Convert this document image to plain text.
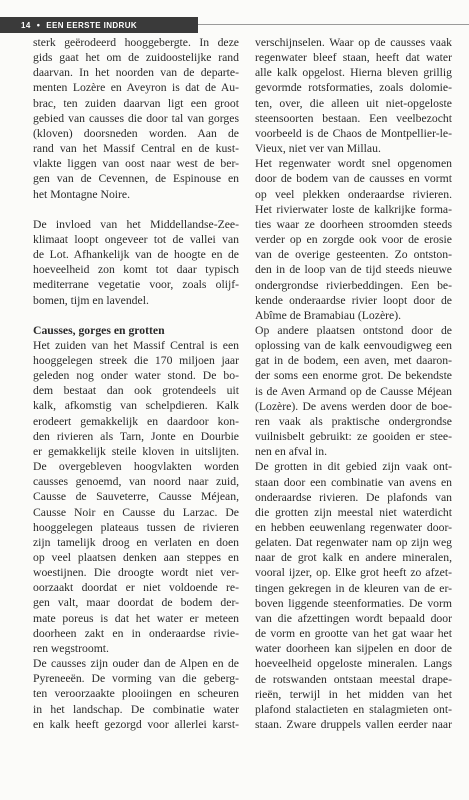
14 • EEN EERSTE INDRUK
sterk geërodeerd hooggebergte. In deze
gids gaat het om de zuidoostelijke rand
daarvan. In het noorden van de departe-
menten Lozère en Aveyron is dat de Au-
brac, ten zuiden daarvan ligt een groot
gebied van causses die door tal van gorges
(kloven) doorsneden worden. Aan de
rand van het Massif Central en de kust-
vlakte liggen van oost naar west de ber-
gen van de Cevennen, de Espinouse en
het Montagne Noire.
De invloed van het Middellandse-Zee-
klimaat loopt ongeveer tot de vallei van
de Lot. Afhankelijk van de hoogte en de
hoeveelheid zon komt tot daar typisch
mediterrane vegetatie voor, zoals olijf-
bomen, tijm en lavendel.
Causses, gorges en grotten
Het zuiden van het Massif Central is een
hooggelegen streek die 170 miljoen jaar
geleden nog onder water stond. De bo-
dem bestaat dan ook grotendeels uit
kalk, afkomstig van schelpdieren. Kalk
erodeert gemakkelijk en daardoor kon-
den rivieren als Tarn, Jonte en Dourbie
er gemakkelijk steile kloven in uitslijten.
De overgebleven hoogvlakten worden
causses genoemd, van noord naar zuid,
Causse de Sauveterre, Causse Méjean,
Causse Noir en Causse du Larzac. De
hooggelegen plateaus tussen de rivieren
zijn tamelijk droog en verlaten en doen
op veel plaatsen denken aan steppes en
woestijnen. Die droogte wordt niet ver-
oorzaakt doordat er niet voldoende re-
gen valt, maar doordat de bodem der-
mate poreus is dat het water er meteen
doorheen zakt en in onderaardse rivie-
ren wegstroomt.
De causses zijn ouder dan de Alpen en de
Pyreneeën. De vorming van die geberg-
ten veroorzaakte plooiingen en scheuren
in het landschap. De combinatie water
en kalk heeft gezorgd voor allerlei karst-
verschijnselen. Waar op de causses vaak
regenwater bleef staan, heeft dat water
alle kalk opgelost. Hierna bleven grillig
gevormde rotsformaties, zoals dolomie-
ten, over, die alleen uit niet-opgeloste
steensoorten bestaan. Een veelbezocht
voorbeeld is de Chaos de Montpellier-le-
Vieux, niet ver van Millau.
Het regenwater wordt snel opgenomen
door de bodem van de causses en vormt
op veel plekken onderaardse rivieren.
Het rivierwater loste de kalkrijke forma-
ties waar ze doorheen stroomden steeds
verder op en zorgde ook voor de erosie
van de overige gesteenten. Zo ontston-
den in de loop van de tijd steeds nieuwe
ondergrondse rivierbeddingen. Een be-
kende onderaardse rivier loopt door de
Abîme de Bramabiau (Lozère).
Op andere plaatsen ontstond door de
oplossing van de kalk eenvoudigweg een
gat in de bodem, een aven, met daaron-
der soms een enorme grot. De bekendste
is de Aven Armand op de Causse Méjean
(Lozère). De avens werden door de boe-
ren vaak als praktische ondergrondse
vuilnisbelt gebruikt: ze gooiden er stee-
nen en afval in.
De grotten in dit gebied zijn vaak ont-
staan door een combinatie van avens en
onderaardse rivieren. De plafonds van
die grotten zijn meestal niet waterdicht
en hebben eeuwenlang regenwater door-
gelaten. Dat regenwater nam op zijn weg
naar de grot kalk en andere mineralen,
vooral ijzer, op. Elke grot heeft zo afzet-
tingen gekregen in de kleuren van de er-
boven liggende steenformaties. De vorm
van die afzettingen wordt bepaald door
de vorm en grootte van het gat waar het
water doorheen kan sijpelen en door de
hoeveelheid opgeloste mineralen. Langs
de rotswanden ontstaan meestal drape-
rieën, terwijl in het midden van het
plafond stalactieten en stalagmieten ont-
staan. Zware druppels vallen eerder naar
